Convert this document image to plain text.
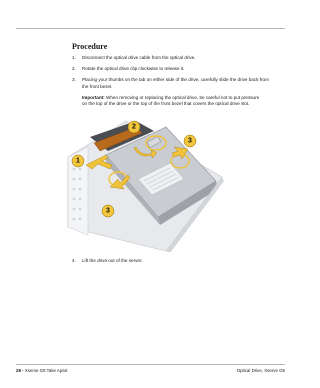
Procedure
1. Disconnect the optical drive cable from the optical drive.
2. Rotate the optical drive clip clockwise to release it.
3. Placing your thumbs on the tab on either side of the drive, carefully slide the drive back from the front bezel.
Important: When removing or replacing the optical drive, be careful not to put pressure on the top of the drive or the top of the front bezel that covers the optical drive slot.
1
2
3
3
4. Lift the drive out of the server.
28 - Xserve G5 Take Apart	Optical Drive, Xserve G5
